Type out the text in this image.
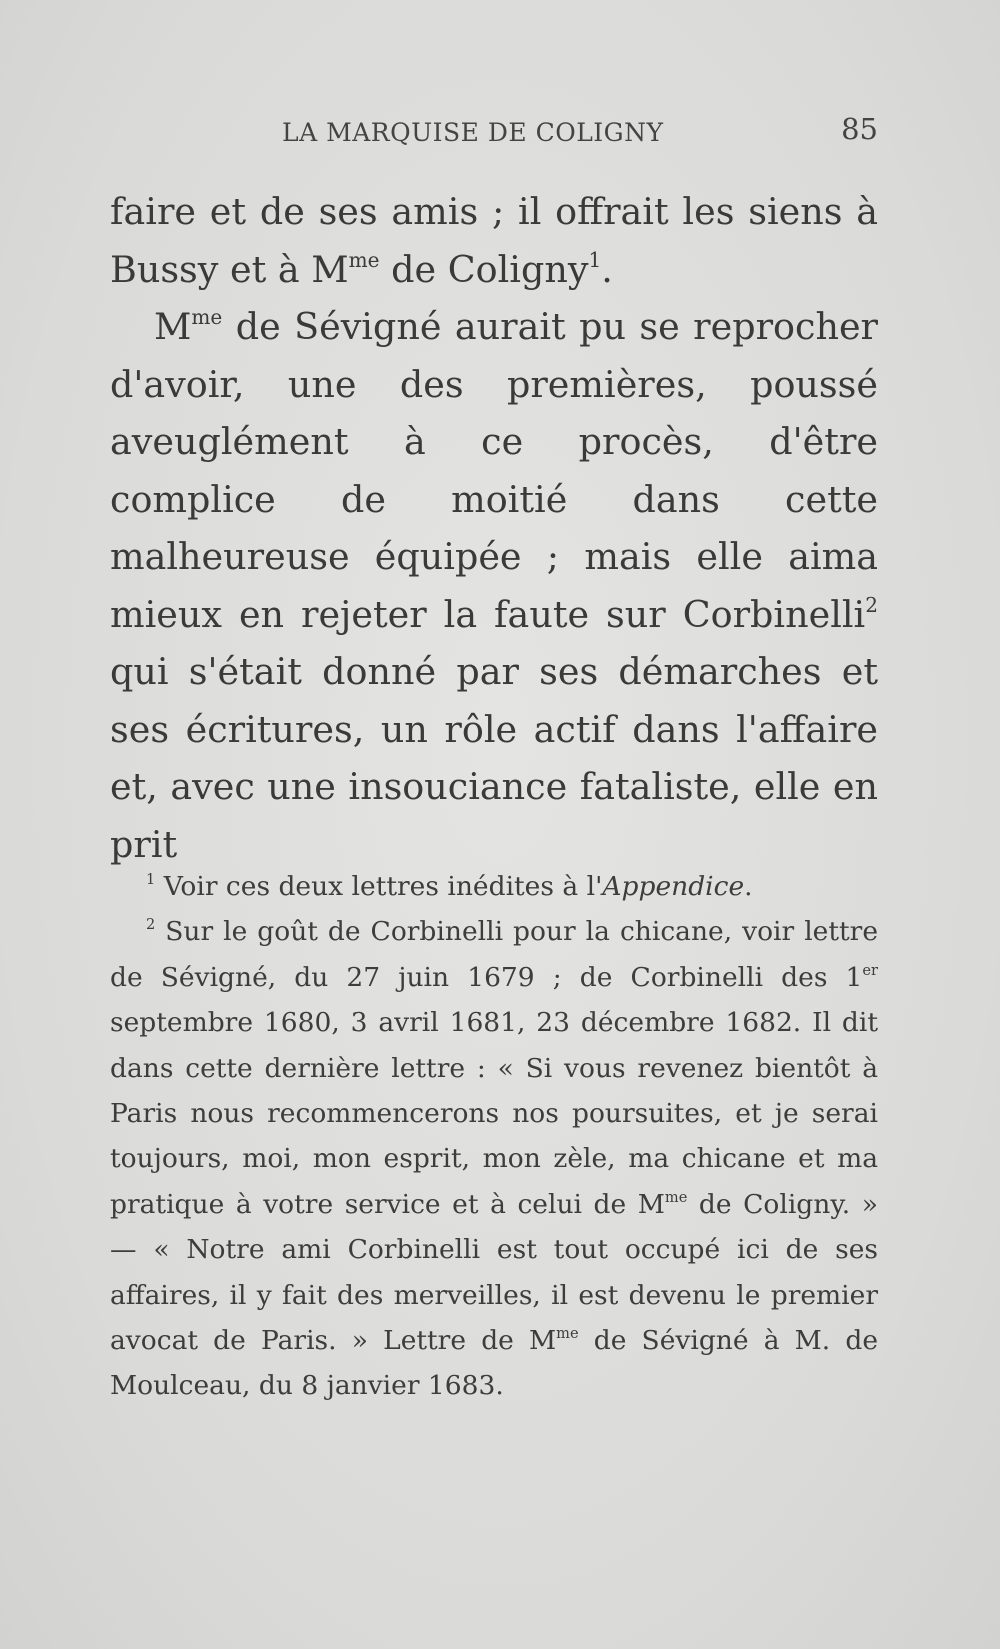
LA MARQUISE DE COLIGNY	85

faire et de ses amis ; il offrait les siens à Bussy et à $M^{me}$ de Coligny$^1$.

$M^{me}$ de Sévigné aurait pu se reprocher d'avoir, une des premières, poussé aveuglément à ce procès, d'être complice de moitié dans cette malheureuse équipée ; mais elle aima mieux en rejeter la faute sur Corbinelli$^2$ qui s'était donné par ses démarches et ses écritures, un rôle actif dans l'affaire et, avec une insouciance fataliste, elle en prit

$^1$ Voir ces deux lettres inédites à l'Appendice.

$^2$ Sur le goût de Corbinelli pour la chicane, voir lettre de Sévigné, du 27 juin 1679 ; de Corbinelli des 1er septembre 1680, 3 avril 1681, 23 décembre 1682. Il dit dans cette dernière lettre : « Si vous revenez bientôt à Paris nous recommencerons nos poursuites, et je serai toujours, moi, mon esprit, mon zèle, ma chicane et ma pratique à votre service et à celui de $M^{me}$ de Coligny. » — « Notre ami Corbinelli est tout occupé ici de ses affaires, il y fait des merveilles, il est devenu le premier avocat de Paris. » Lettre de $M^{me}$ de Sévigné à M. de Moulceau, du 8 janvier 1683.
